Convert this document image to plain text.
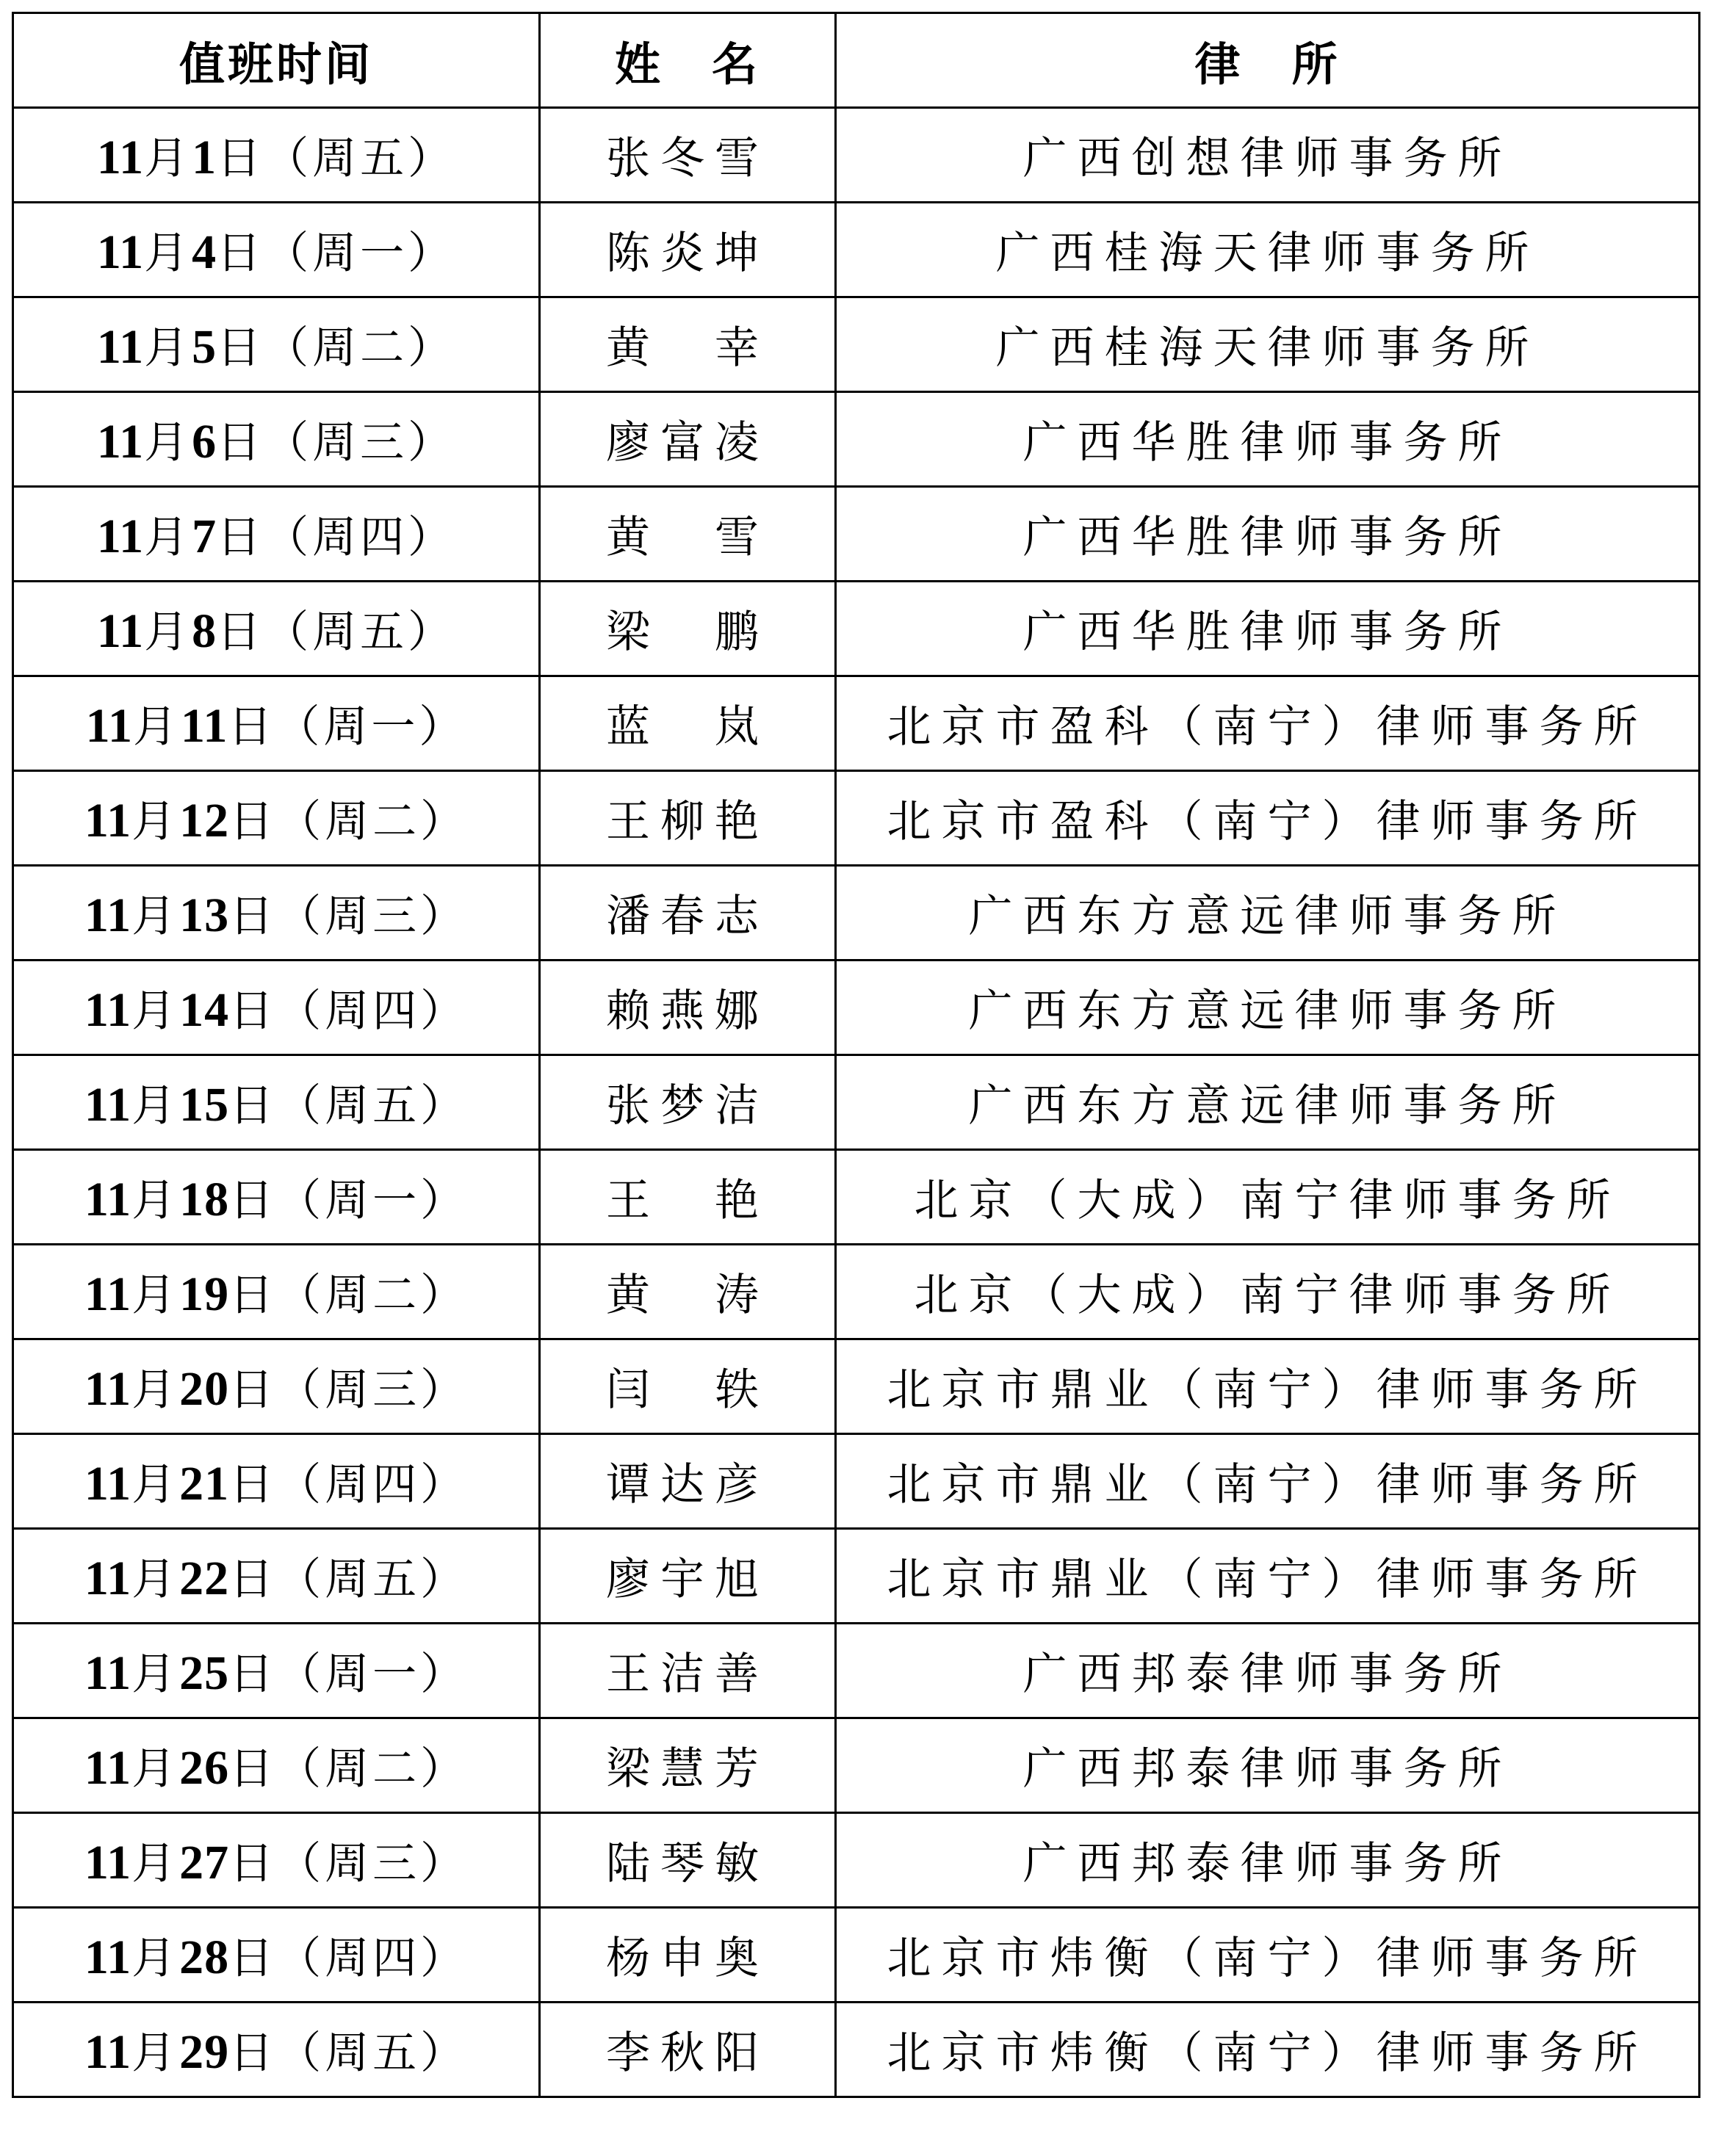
值班时间	姓　名	律　所
11月1日（周五）	张冬雪	广西创想律师事务所
11月4日（周一）	陈炎坤	广西桂海天律师事务所
11月5日（周二）	黄　幸	广西桂海天律师事务所
11月6日（周三）	廖富凌	广西华胜律师事务所
11月7日（周四）	黄　雪	广西华胜律师事务所
11月8日（周五）	梁　鹏	广西华胜律师事务所
11月11日（周一）	蓝　岚	北京市盈科（南宁）律师事务所
11月12日（周二）	王柳艳	北京市盈科（南宁）律师事务所
11月13日（周三）	潘春志	广西东方意远律师事务所
11月14日（周四）	赖燕娜	广西东方意远律师事务所
11月15日（周五）	张梦洁	广西东方意远律师事务所
11月18日（周一）	王　艳	北京（大成）南宁律师事务所
11月19日（周二）	黄　涛	北京（大成）南宁律师事务所
11月20日（周三）	闫　轶	北京市鼎业（南宁）律师事务所
11月21日（周四）	谭达彦	北京市鼎业（南宁）律师事务所
11月22日（周五）	廖宇旭	北京市鼎业（南宁）律师事务所
11月25日（周一）	王洁善	广西邦泰律师事务所
11月26日（周二）	梁慧芳	广西邦泰律师事务所
11月27日（周三）	陆琴敏	广西邦泰律师事务所
11月28日（周四）	杨申奥	北京市炜衡（南宁）律师事务所
11月29日（周五）	李秋阳	北京市炜衡（南宁）律师事务所
